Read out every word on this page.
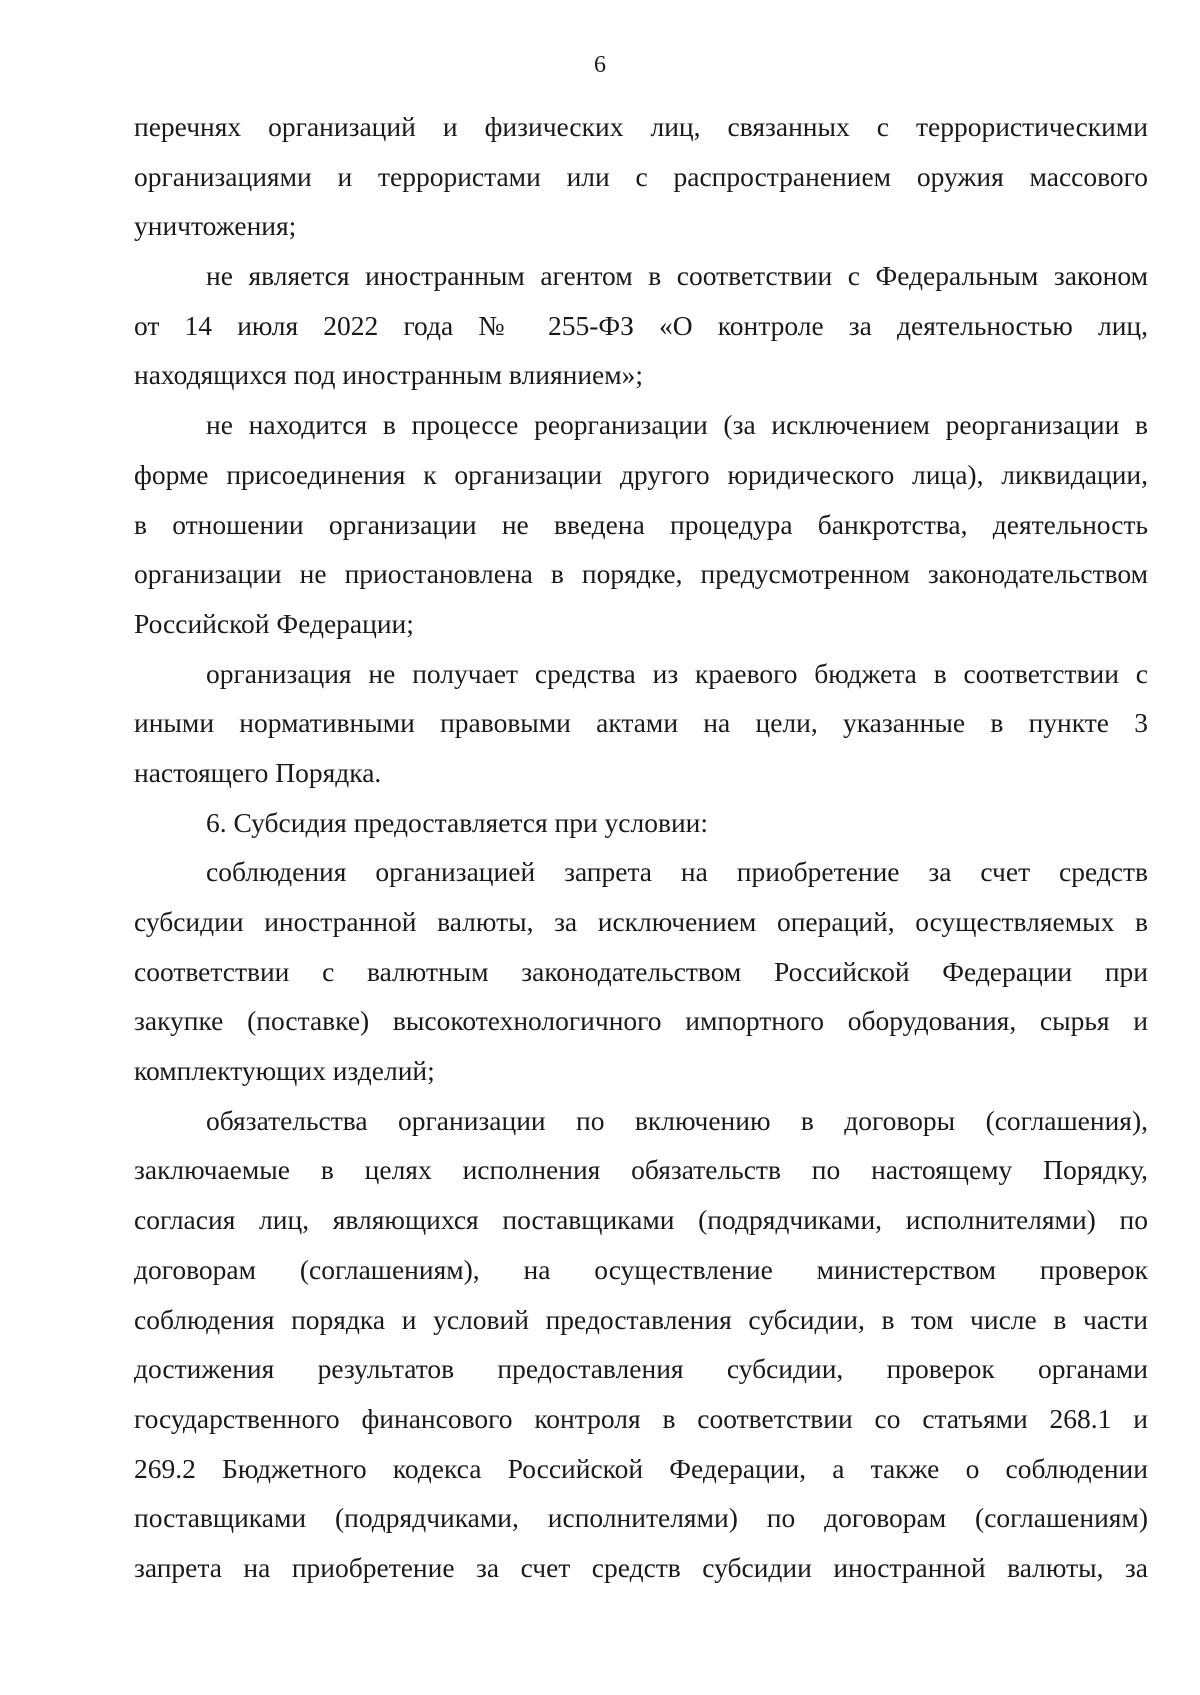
6
перечнях организаций и физических лиц, связанных с террористическими
организациями и террористами или с распространением оружия массового
уничтожения;
не является иностранным агентом в соответствии с Федеральным законом
от 14 июля 2022 года № 255-ФЗ «О контроле за деятельностью лиц,
находящихся под иностранным влиянием»;
не находится в процессе реорганизации (за исключением реорганизации в
форме присоединения к организации другого юридического лица), ликвидации,
в отношении организации не введена процедура банкротства, деятельность
организации не приостановлена в порядке, предусмотренном законодательством
Российской Федерации;
организация не получает средства из краевого бюджета в соответствии с
иными нормативными правовыми актами на цели, указанные в пункте 3
настоящего Порядка.
6. Субсидия предоставляется при условии:
соблюдения организацией запрета на приобретение за счет средств
субсидии иностранной валюты, за исключением операций, осуществляемых в
соответствии с валютным законодательством Российской Федерации при
закупке (поставке) высокотехнологичного импортного оборудования, сырья и
комплектующих изделий;
обязательства организации по включению в договоры (соглашения),
заключаемые в целях исполнения обязательств по настоящему Порядку,
согласия лиц, являющихся поставщиками (подрядчиками, исполнителями) по
договорам (соглашениям), на осуществление министерством проверок
соблюдения порядка и условий предоставления субсидии, в том числе в части
достижения результатов предоставления субсидии, проверок органами
государственного финансового контроля в соответствии со статьями 268.1 и
269.2 Бюджетного кодекса Российской Федерации, а также о соблюдении
поставщиками (подрядчиками, исполнителями) по договорам (соглашениям)
запрета на приобретение за счет средств субсидии иностранной валюты, за
